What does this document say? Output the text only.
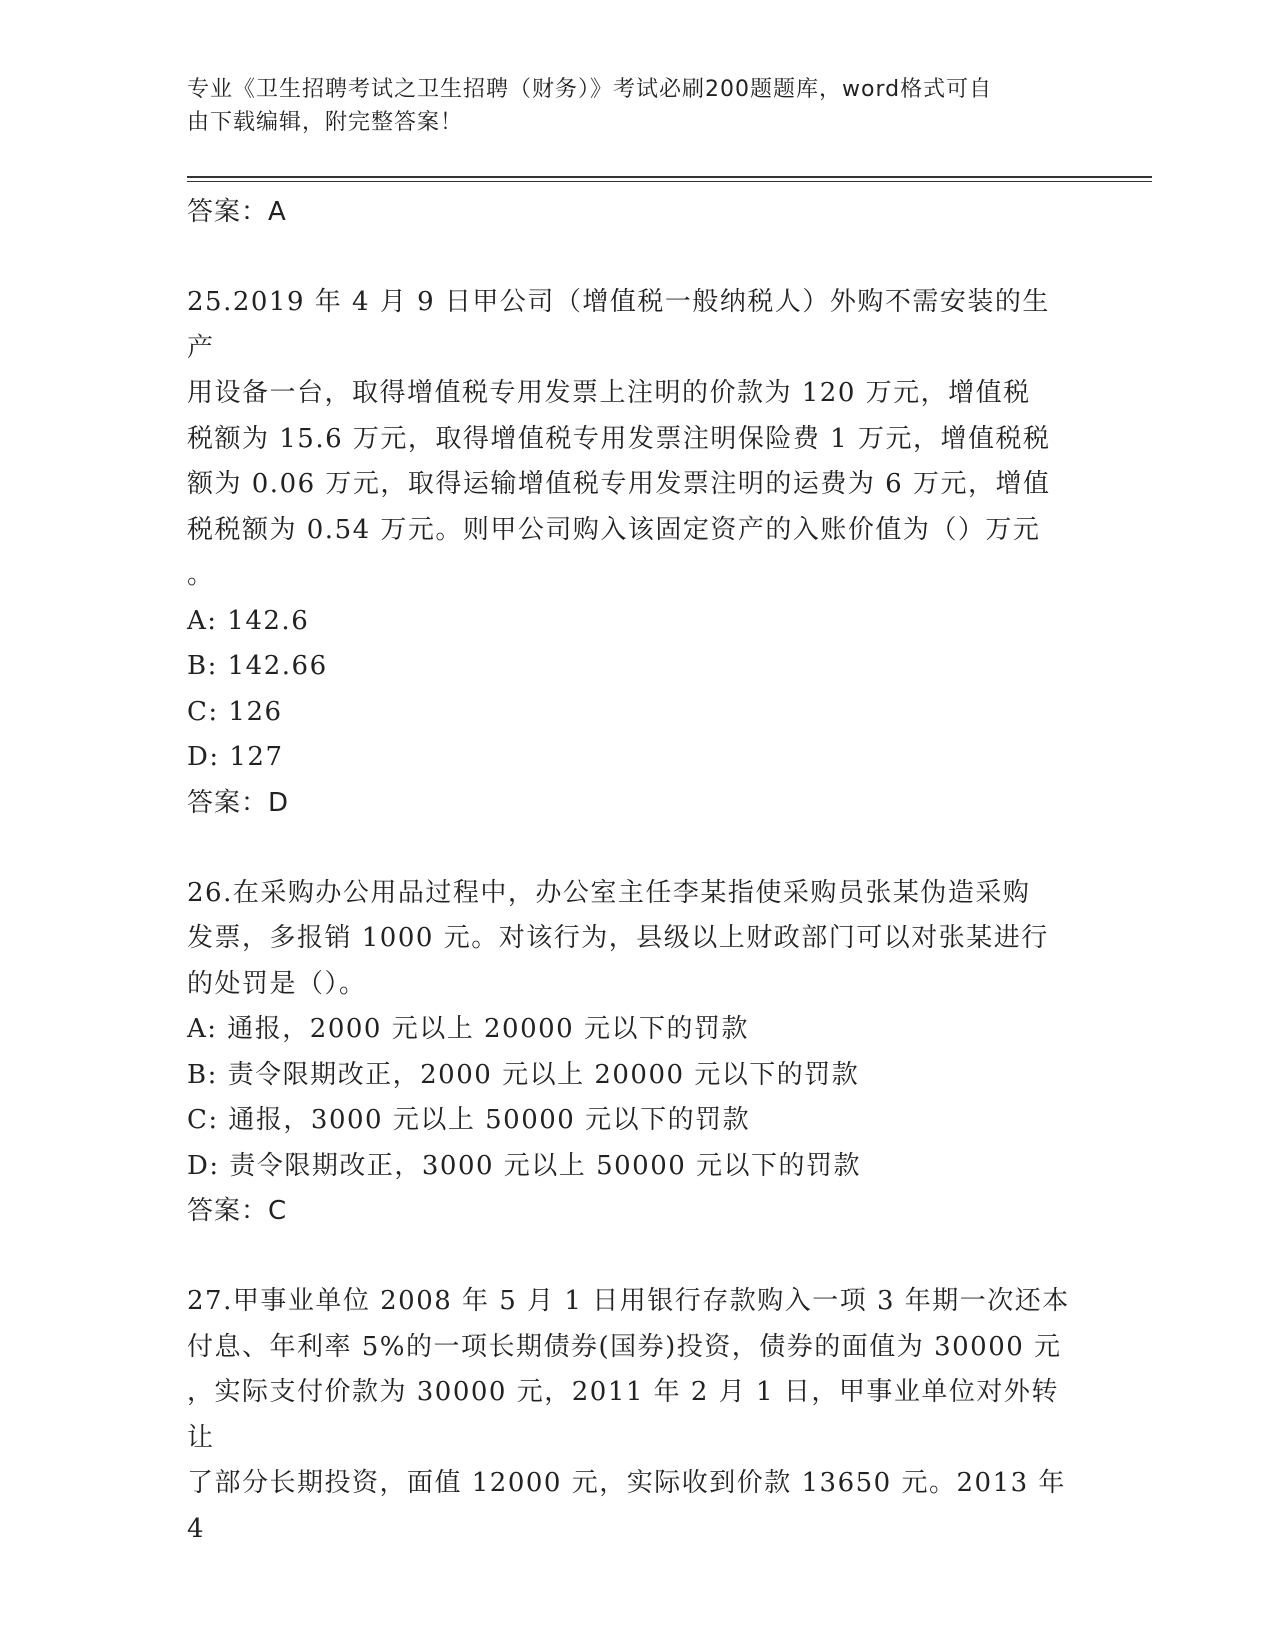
专业《卫生招聘考试之卫生招聘（财务）》考试必刷200题题库，word格式可自
由下载编辑，附完整答案！
答案：A
25.2019 年 4 月 9 日甲公司（增值税一般纳税人）外购不需安装的生产
用设备一台，取得增值税专用发票上注明的价款为 120 万元，增值税
税额为 15.6 万元，取得增值税专用发票注明保险费 1 万元，增值税税
额为 0.06 万元，取得运输增值税专用发票注明的运费为 6 万元，增值
税税额为 0.54 万元。则甲公司购入该固定资产的入账价值为（）万元
。
A: 142.6
B: 142.66
C: 126
D: 127
答案：D
26.在采购办公用品过程中，办公室主任李某指使采购员张某伪造采购
发票，多报销 1000 元。对该行为，县级以上财政部门可以对张某进行
的处罚是（）。
A: 通报，2000 元以上 20000 元以下的罚款
B: 责令限期改正，2000 元以上 20000 元以下的罚款
C: 通报，3000 元以上 50000 元以下的罚款
D: 责令限期改正，3000 元以上 50000 元以下的罚款
答案：C
27.甲事业单位 2008 年 5 月 1 日用银行存款购入一项 3 年期一次还本
付息、年利率 5%的一项长期债券(国券)投资，债券的面值为 30000 元
，实际支付价款为 30000 元，2011 年 2 月 1 日，甲事业单位对外转让
了部分长期投资，面值 12000 元，实际收到价款 13650 元。2013 年 4
